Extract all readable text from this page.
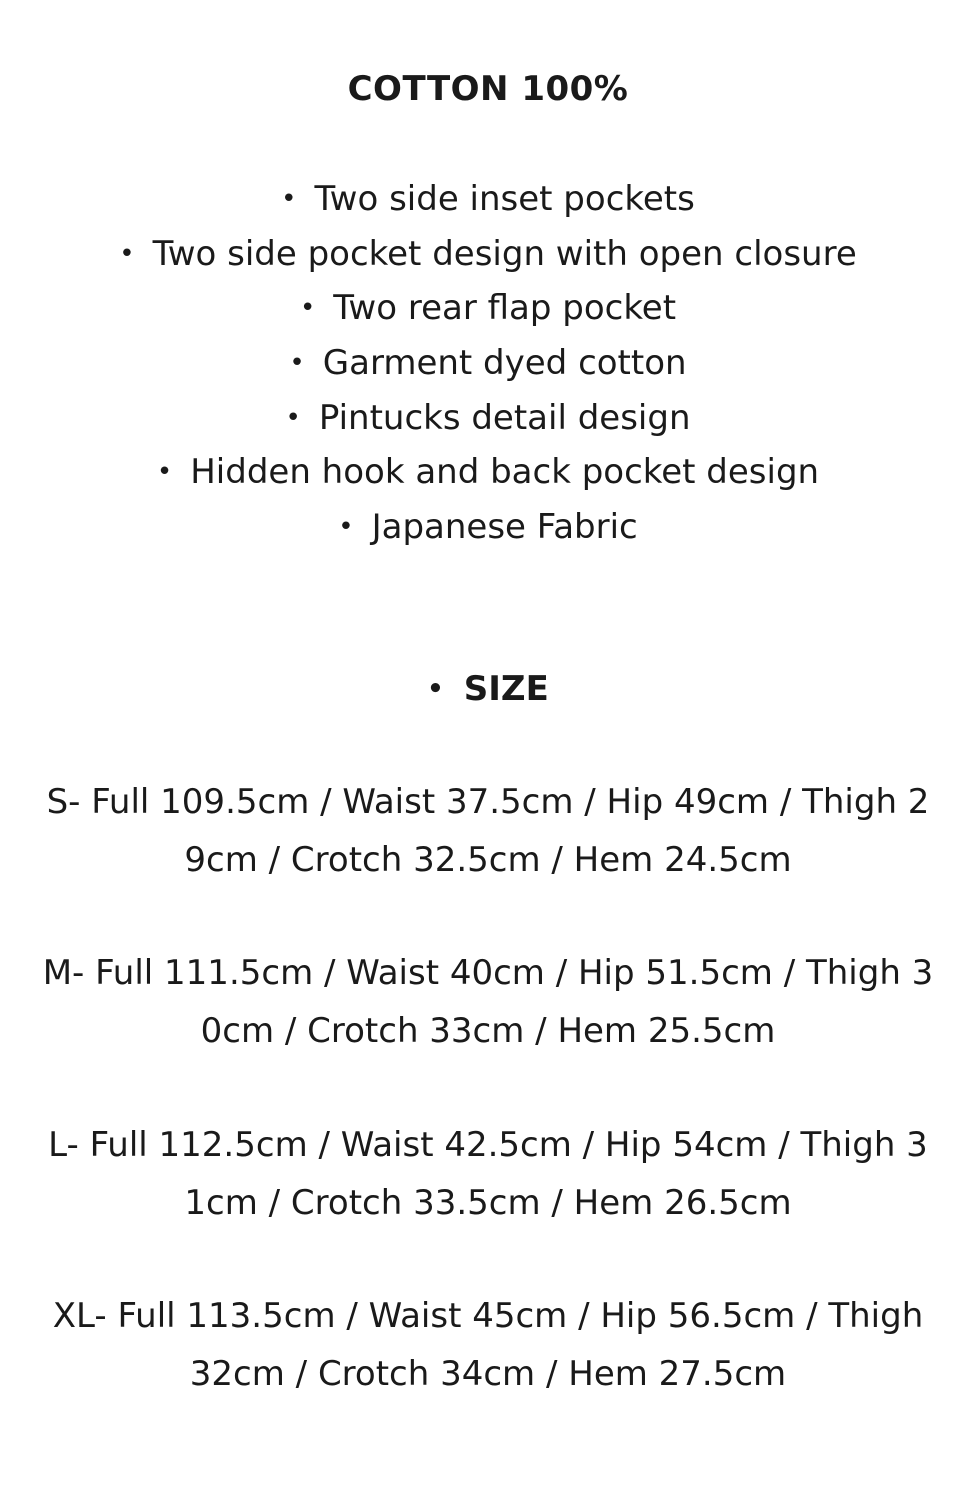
COTTON 100%
• Two side inset pockets
• Two side pocket design with open closure
• Two rear flap pocket
• Garment dyed cotton
• Pintucks detail design
• Hidden hook and back pocket design
• Japanese Fabric
• SIZE

S- Full 109.5cm / Waist 37.5cm / Hip 49cm / Thigh 29cm / Crotch 32.5cm / Hem 24.5cm

M- Full 111.5cm / Waist 40cm / Hip 51.5cm / Thigh 30cm / Crotch 33cm / Hem 25.5cm

L- Full 112.5cm / Waist 42.5cm / Hip 54cm / Thigh 31cm / Crotch 33.5cm / Hem 26.5cm

XL- Full 113.5cm / Waist 45cm / Hip 56.5cm / Thigh 32cm / Crotch 34cm / Hem 27.5cm
